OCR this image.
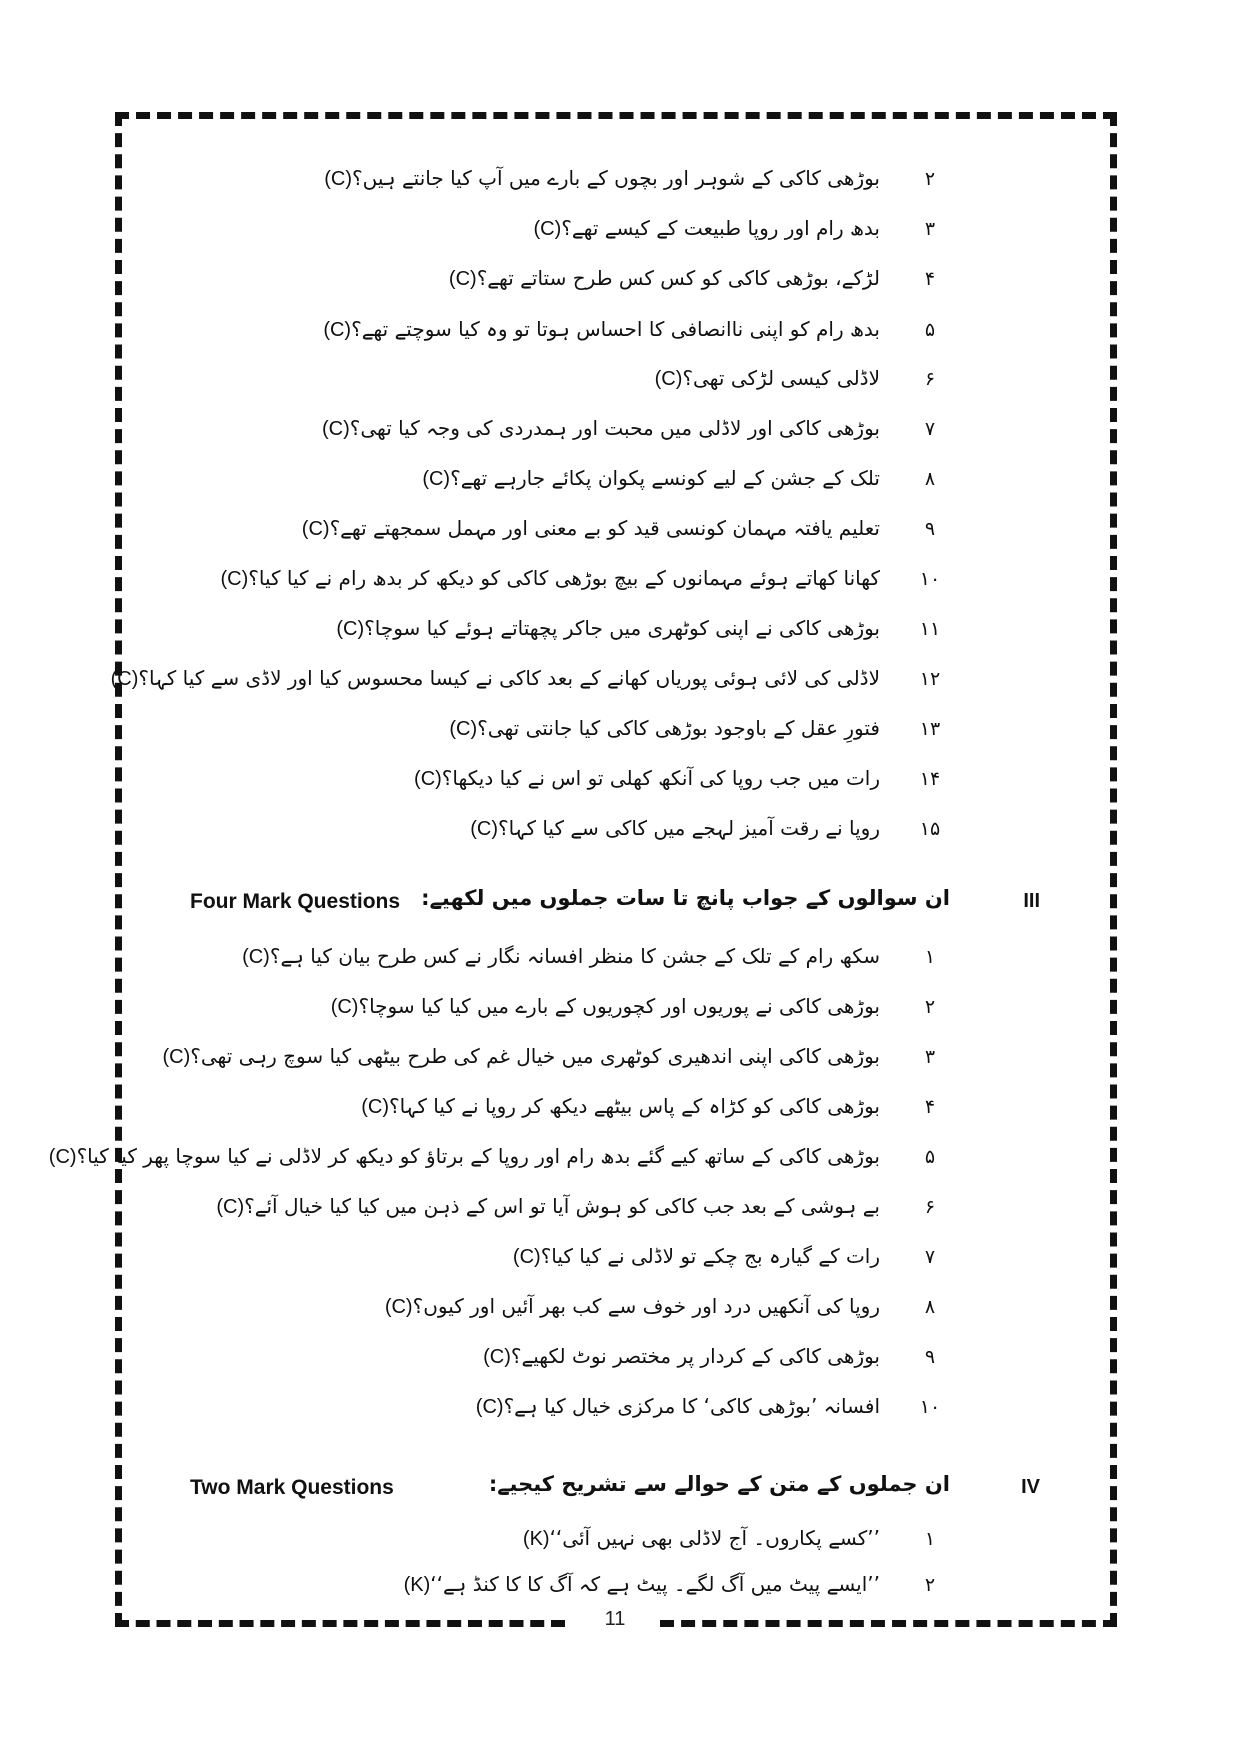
11
۲
بوڑھی کاکی کے شوہر اور بچوں کے بارے میں آپ کیا جانتے ہیں؟(C)
۳
بدھ رام اور روپا طبیعت کے کیسے تھے؟(C)
۴
لڑکے، بوڑھی کاکی کو کس کس طرح ستاتے تھے؟(C)
۵
بدھ رام کو اپنی ناانصافی کا احساس ہوتا تو وہ کیا سوچتے تھے؟(C)
۶
لاڈلی کیسی لڑکی تھی؟(C)
۷
بوڑھی کاکی اور لاڈلی میں محبت اور ہمدردی کی وجہ کیا تھی؟(C)
۸
تلک کے جشن کے لیے کونسے پکوان پکائے جارہے تھے؟(C)
۹
تعلیم یافتہ مہمان کونسی قید کو بے معنی اور مہمل سمجھتے تھے؟(C)
۱۰
کھانا کھاتے ہوئے مہمانوں کے بیچ بوڑھی کاکی کو دیکھ کر بدھ رام نے کیا کیا؟(C)
۱۱
بوڑھی کاکی نے اپنی کوٹھری میں جاکر پچھتاتے ہوئے کیا سوچا؟(C)
۱۲
لاڈلی کی لائی ہوئی پوریاں کھانے کے بعد کاکی نے کیسا محسوس کیا اور لاڈی سے کیا کہا؟(C)
۱۳
فتورِ عقل کے باوجود بوڑھی کاکی کیا جانتی تھی؟(C)
۱۴
رات میں جب روپا کی آنکھ کھلی تو اس نے کیا دیکھا؟(C)
۱۵
روپا نے رقت آمیز لہجے میں کاکی سے کیا کہا؟(C)
III
ان سوالوں کے جواب پانچ تا سات جملوں میں لکھیے:
Four Mark Questions
۱
سکھ رام کے تلک کے جشن کا منظر افسانہ نگار نے کس طرح بیان کیا ہے؟(C)
۲
بوڑھی کاکی نے پوریوں اور کچوریوں کے بارے میں کیا کیا سوچا؟(C)
۳
بوڑھی کاکی اپنی اندھیری کوٹھری میں خیال غم کی طرح بیٹھی کیا سوچ رہی تھی؟(C)
۴
بوڑھی کاکی کو کڑاہ کے پاس بیٹھے دیکھ کر روپا نے کیا کہا؟(C)
۵
بوڑھی کاکی کے ساتھ کیے گئے بدھ رام اور روپا کے برتاؤ کو دیکھ کر لاڈلی نے کیا سوچا پھر کیا کیا؟(C)
۶
بے ہوشی کے بعد جب کاکی کو ہوش آیا تو اس کے ذہن میں کیا کیا خیال آئے؟(C)
۷
رات کے گیارہ بج چکے تو لاڈلی نے کیا کیا؟(C)
۸
روپا کی آنکھیں درد اور خوف سے کب بھر آئیں اور کیوں؟(C)
۹
بوڑھی کاکی کے کردار پر مختصر نوٹ لکھیے؟(C)
۱۰
افسانہ ’بوڑھی کاکی‘ کا مرکزی خیال کیا ہے؟(C)
IV
ان جملوں کے متن کے حوالے سے تشریح کیجیے:
Two Mark Questions
۱
’’کسے پکاروں۔ آج لاڈلی بھی نہیں آئی‘‘(K)
۲
’’ایسے پیٹ میں آگ لگے۔ پیٹ ہے کہ آگ کا کا کنڈ ہے‘‘(K)
